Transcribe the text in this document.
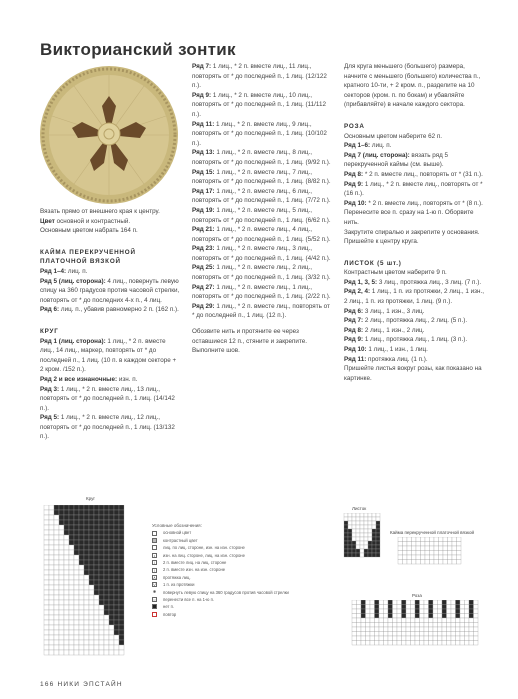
Викторианский зонтик

Вязать прямо от внешнего края к центру.

Цвет основной и контрастный.

Основным цветом набрать 164 п.

КАЙМА ПЕРЕКРУЧЕННОЙ

ПЛАТОЧНОЙ ВЯЗКОЙ

Ряд 1–4: лиц. п.

Ряд 5 (лиц. сторона): 4 лиц., повернуть левую спицу на 360 градусов против часовой стрелки, повторять от * до последних 4-х п., 4 лиц.

Ряд 6: лиц. п., убавив равномерно 2 п. (162 п.).

КРУГ

Ряд 1 (лиц. сторона): 1 лиц., * 2 п. вместе лиц., 14 лиц., маркер, повторять от * до последней п., 1 лиц. (10 п. в каждом секторе + 2 кром. /152 п.).

Ряд 2 и все изнаночные: изн. п.

Ряд 3: 1 лиц., * 2 п. вместе лиц., 13 лиц., повторять от * до последней п., 1 лиц. (14/142 п.).

Ряд 5: 1 лиц., * 2 п. вместе лиц., 12 лиц., повторять от * до последней п., 1 лиц. (13/132 п.).

Ряд 7: 1 лиц., * 2 п. вместе лиц., 11 лиц., повторять от * до последней п., 1 лиц. (12/122 п.).

Ряд 9: 1 лиц., * 2 п. вместе лиц., 10 лиц., повторять от * до последней п., 1 лиц. (11/112 п.).

Ряд 11: 1 лиц., * 2 п. вместе лиц., 9 лиц., повторять от * до последней п., 1 лиц. (10/102 п.).

Ряд 13: 1 лиц., * 2 п. вместе лиц., 8 лиц., повторять от * до последней п., 1 лиц. (9/92 п.).

Ряд 15: 1 лиц., * 2 п. вместе лиц., 7 лиц., повторять от * до последней п., 1 лиц. (8/82 п.).

Ряд 17: 1 лиц., * 2 п. вместе лиц., 6 лиц., повторять от * до последней п., 1 лиц. (7/72 п.).

Ряд 19: 1 лиц., * 2 п. вместе лиц., 5 лиц., повторять от * до последней п., 1 лиц. (6/62 п.).

Ряд 21: 1 лиц., * 2 п. вместе лиц., 4 лиц., повторять от * до последней п., 1 лиц. (5/52 п.).

Ряд 23: 1 лиц., * 2 п. вместе лиц., 3 лиц., повторять от * до последней п., 1 лиц. (4/42 п.).

Ряд 25: 1 лиц., * 2 п. вместе лиц., 2 лиц., повторять от * до последней п., 1 лиц. (3/32 п.).

Ряд 27: 1 лиц., * 2 п. вместе лиц., 1 лиц., повторять от * до последней п., 1 лиц. (2/22 п.).

Ряд 29: 1 лиц., * 2 п. вместе лиц., повторять от * до последней п., 1 лиц. (12 п.).

Обозвите нить и протяните ее через оставшиеся 12 п., стяните и закрепите. Выполните шов.

Для круга меньшего (большего) размера, начните с меньшего (большего) количества п., кратного 10-ти, + 2 кром. п., разделите на 10 секторов (кром. п. по бокам) и убавляйте (прибавляйте) в начале каждого сектора.

РОЗА

Основным цветом наберите 62 п.

Ряд 1–6: лиц. п.

Ряд 7 (лиц. сторона): вязать ряд 5 перекрученной каймы (см. выше).

Ряд 8: * 2 п. вместе лиц., повторять от * (31 п.).

Ряд 9: 1 лиц., * 2 п. вместе лиц., повторять от * (16 п.).

Ряд 10: * 2 п. вместе лиц., повторять от * (8 п.).

Перенесите все п. сразу на 1-ю п. Оборвите нить.

Закрутите спиралью и закрепите у основания. Пришейте к центру круга.

ЛИСТОК (5 шт.)

Контрастным цветом наберите 9 п.

Ряд 1, 3, 5: 3 лиц., протяжка лиц., 3 лиц. (7 п.).

Ряд 2, 4: 1 лиц., 1 п. из протяжки, 2 лиц., 1 изн., 2 лиц., 1 п. из протяжки, 1 лиц. (9 п.).

Ряд 6: 3 лиц., 1 изн., 3 лиц.

Ряд 7: 2 лиц., протяжка лиц., 2 лиц. (5 п.).

Ряд 8: 2 лиц., 1 изн., 2 лиц.

Ряд 9: 1 лиц., протяжка лиц., 1 лиц. (3 п.).

Ряд 10: 1 лиц., 1 изн., 1 лиц.

Ряд 11: протяжка лиц. (1 п.).

Пришейте листья вокруг розы, как показано на картинке.

Круг
Условные обозначения:
основной цвет
контрастный цвет
лиц. по лиц. стороне, изн. на изн. стороне
•	изн. на лиц. стороне, лиц. на изн. стороне
/	2 п. вместе лиц. на лиц. стороне
\	2 п. вместе изн. на изн. стороне
∧ протяжка лиц.
V 1 п. из протяжки
✱ повернуть левую спицу на 360 градусов против часовой стрелки
○	перенести все п. на 1-ю п.
нет п.
повтор
Листок
Кайма перекрученной платочной вязкой
Роза
166 НИКИ ЭПСТАЙН
